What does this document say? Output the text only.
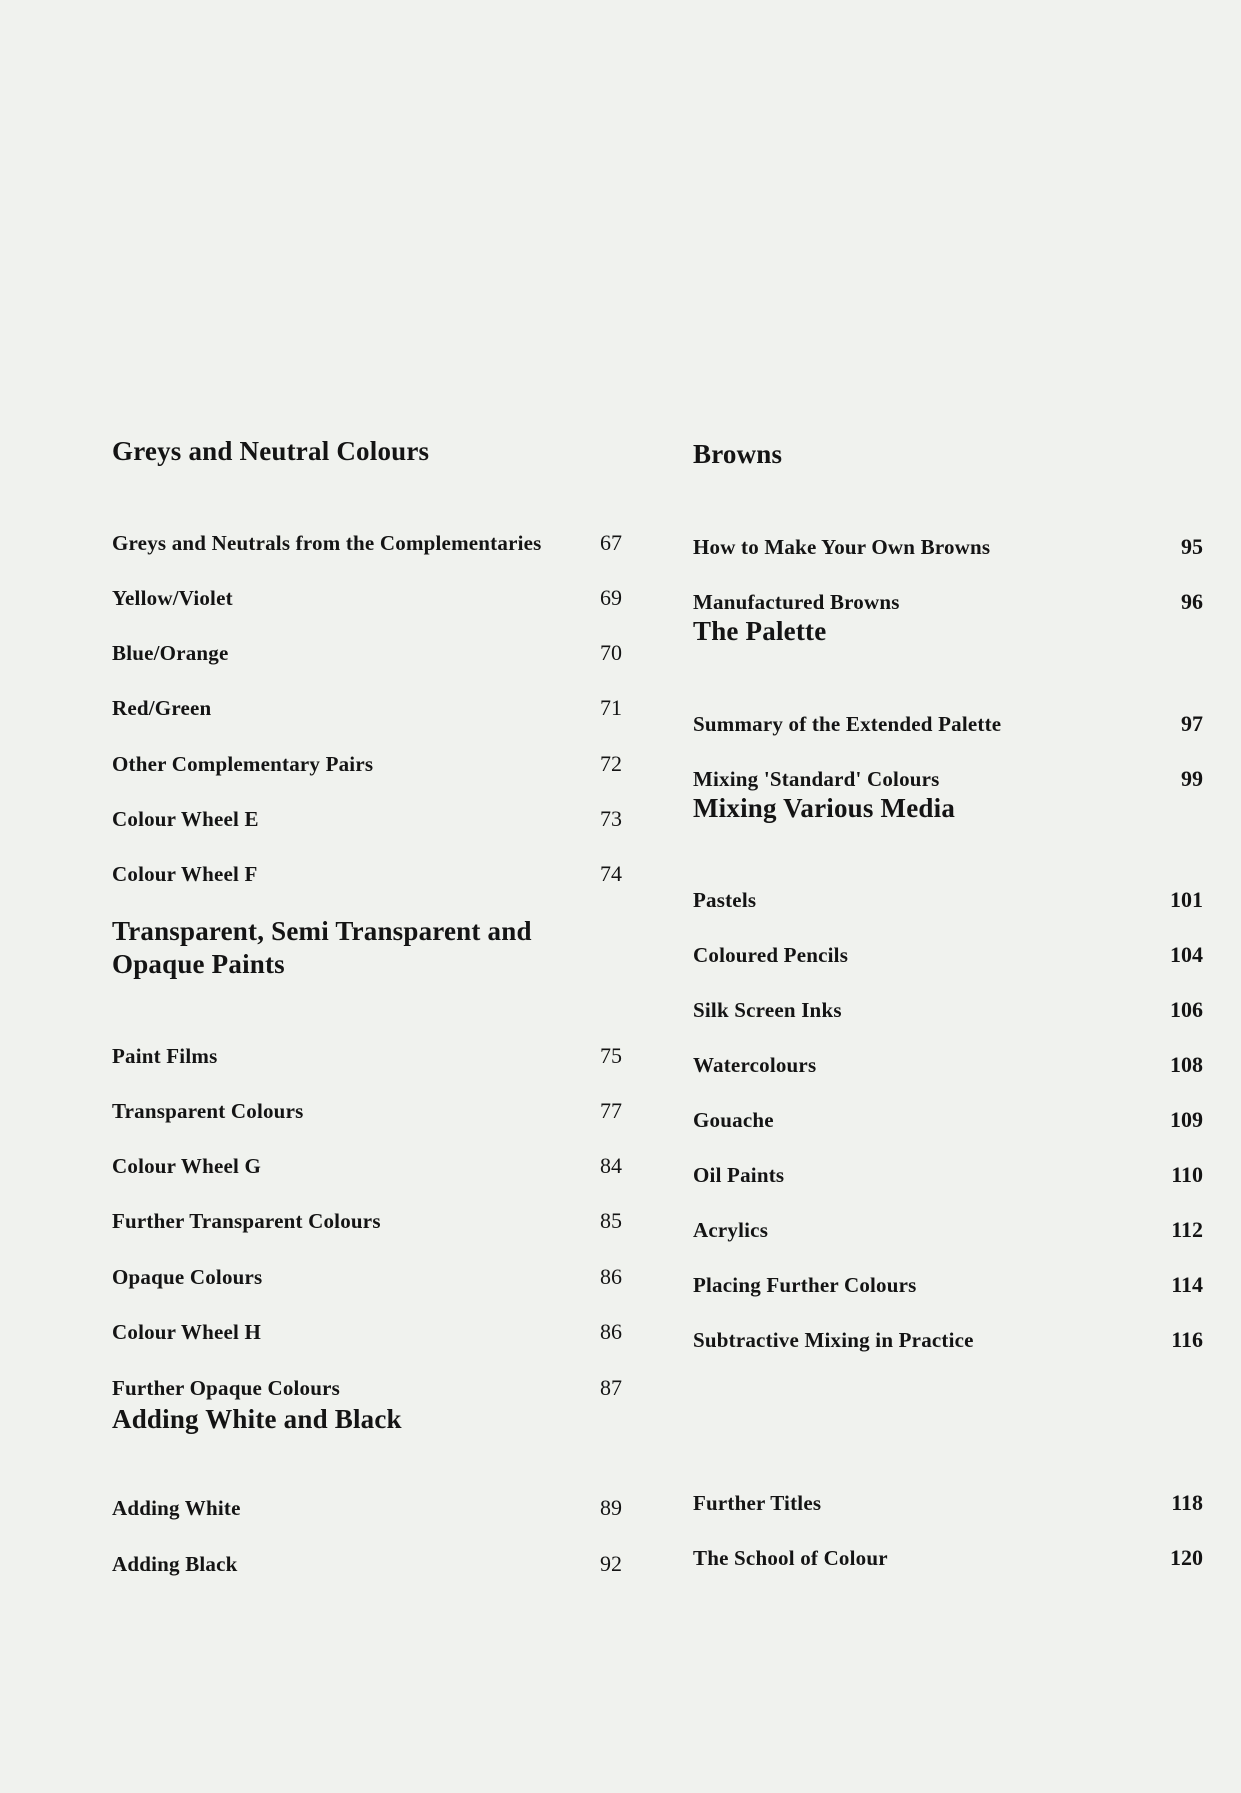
Greys and Neutral Colours
Greys and Neutrals from the Complementaries	67
Yellow/Violet	69
Blue/Orange	70
Red/Green	71
Other Complementary Pairs	72
Colour Wheel E	73
Colour Wheel F	74
Transparent, Semi Transparent and Opaque Paints
Paint Films	75
Transparent Colours	77
Colour Wheel G	84
Further Transparent Colours	85
Opaque Colours	86
Colour Wheel H	86
Further Opaque Colours	87
Adding White and Black
Adding White	89
Adding Black	92
Browns
How to Make Your Own Browns	95
Manufactured Browns	96
The Palette
Summary of the Extended Palette	97
Mixing 'Standard' Colours	99
Mixing Various Media
Pastels	101
Coloured Pencils	104
Silk Screen Inks	106
Watercolours	108
Gouache	109
Oil Paints	110
Acrylics	112
Placing Further Colours	114
Subtractive Mixing in Practice	116
Further Titles	118
The School of Colour	120
